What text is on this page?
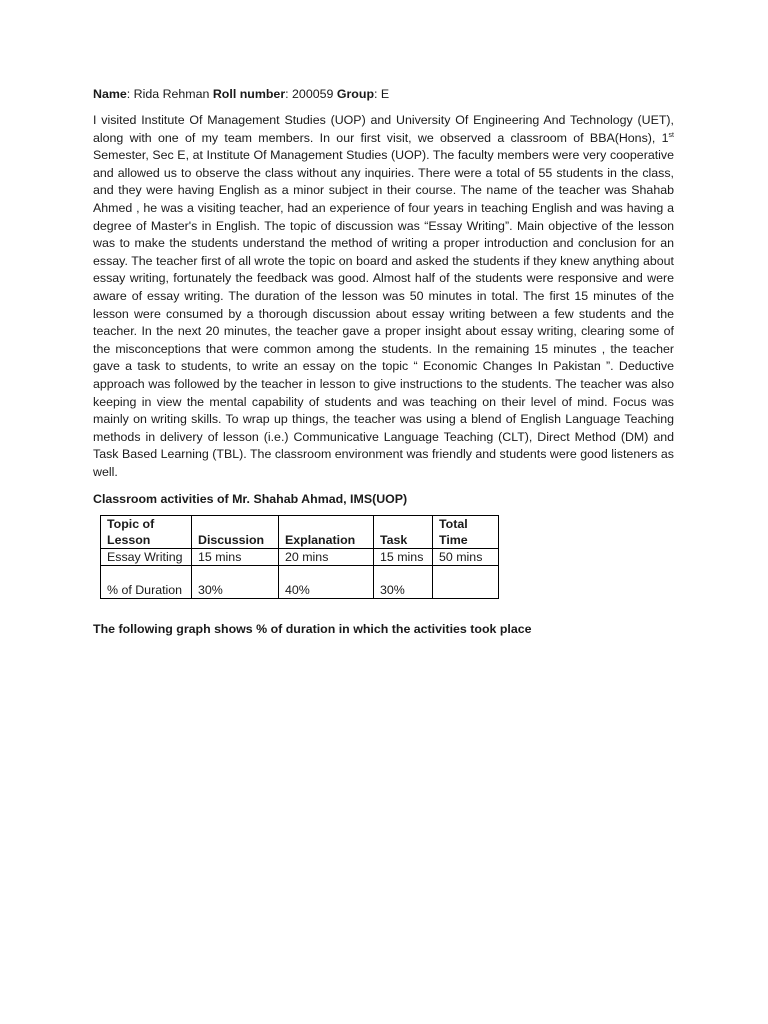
Name: Rida Rehman Roll number: 200059 Group: E

I visited Institute Of Management Studies (UOP) and University Of Engineering And Technology (UET), along with one of my team members. In our first visit, we observed a classroom of BBA(Hons), 1st Semester, Sec E, at Institute Of Management Studies (UOP). The faculty members were very cooperative and allowed us to observe the class without any inquiries. There were a total of 55 students in the class, and they were having English as a minor subject in their course. The name of the teacher was Shahab Ahmed , he was a visiting teacher, had an experience of four years in teaching English and was having a degree of Master's in English. The topic of discussion was “Essay Writing”. Main objective of the lesson was to make the students understand the method of writing a proper introduction and conclusion for an essay. The teacher first of all wrote the topic on board and asked the students if they knew anything about essay writing, fortunately the feedback was good. Almost half of the students were responsive and were aware of essay writing. The duration of the lesson was 50 minutes in total. The first 15 minutes of the lesson were consumed by a thorough discussion about essay writing between a few students and the teacher. In the next 20 minutes, the teacher gave a proper insight about essay writing, clearing some of the misconceptions that were common among the students. In the remaining 15 minutes , the teacher gave a task to students, to write an essay on the topic “ Economic Changes In Pakistan ”. Deductive approach was followed by the teacher in lesson to give instructions to the students. The teacher was also keeping in view the mental capability of students and was teaching on their level of mind. Focus was mainly on writing skills. To wrap up things, the teacher was using a blend of English Language Teaching methods in delivery of lesson (i.e.) Communicative Language Teaching (CLT), Direct Method (DM) and Task Based Learning (TBL). The classroom environment was friendly and students were good listeners as well.

Classroom activities of Mr. Shahab Ahmad, IMS(UOP)

Topic of Lesson	Discussion	Explanation	Task	Total Time
Essay Writing	15 mins	20 mins	15 mins	50 mins
% of Duration	30%	40%	30%	

The following graph shows % of duration in which the activities took place
